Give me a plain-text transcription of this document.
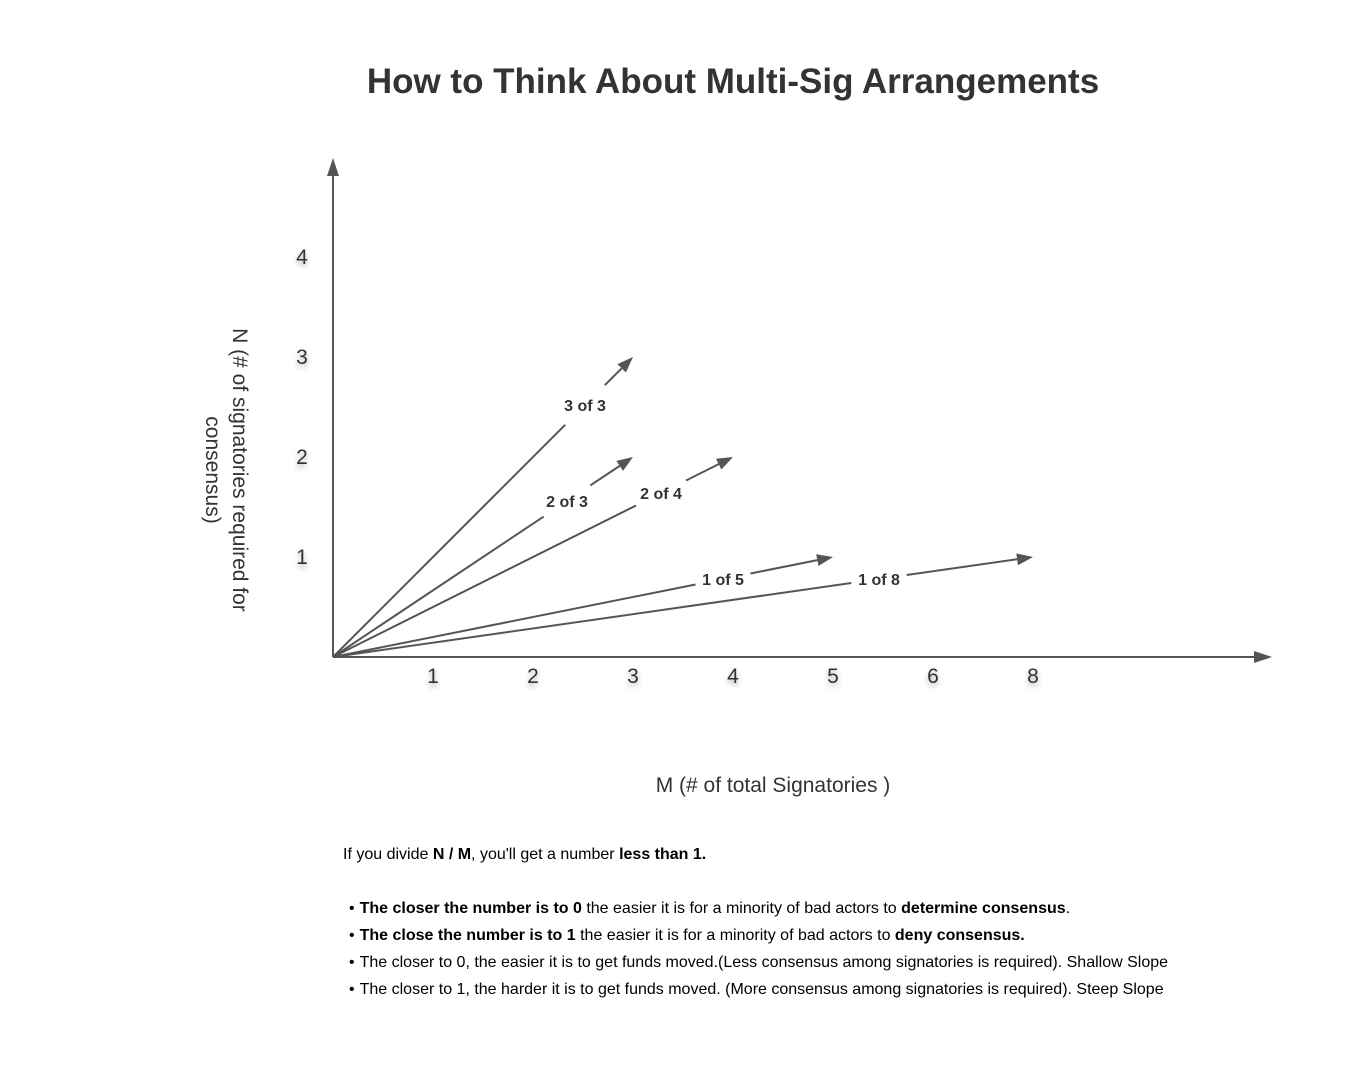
How to Think About Multi-Sig Arrangements
1	2	3	4	5	6	8
1
2
3
4
3 of 3
2 of 3	2 of 4
1 of 5	1 of 8
N (# of signatories required for consensus)
M (# of total Signatories )

If you divide N / M, you'll get a number less than 1.

• The closer the number is to 0 the easier it is for a minority of bad actors to determine consensus.
• The close the number is to 1 the easier it is for a minority of bad actors to deny consensus.
• The closer to 0, the easier it is to get funds moved.(Less consensus among signatories is required). Shallow Slope
• The closer to 1, the harder it is to get funds moved. (More consensus among signatories is required). Steep Slope
